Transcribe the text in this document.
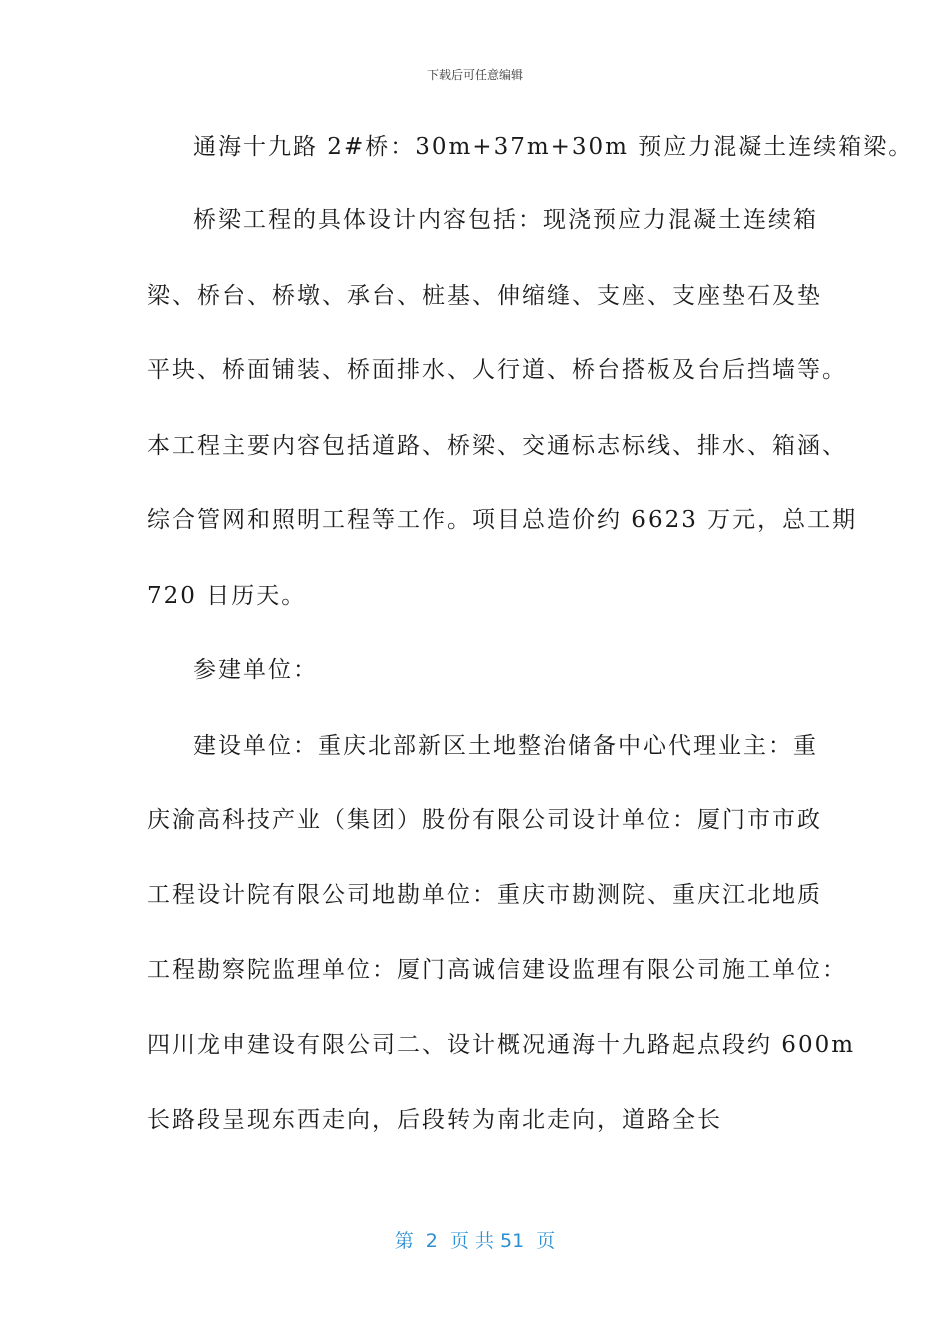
下载后可任意编辑
通海十九路 2#桥：30m+37m+30m 预应力混凝土连续箱梁。
桥梁工程的具体设计内容包括：现浇预应力混凝土连续箱
梁、桥台、桥墩、承台、桩基、伸缩缝、支座、支座垫石及垫
平块、桥面铺装、桥面排水、人行道、桥台搭板及台后挡墙等。
本工程主要内容包括道路、桥梁、交通标志标线、排水、箱涵、
综合管网和照明工程等工作。项目总造价约 6623 万元，总工期
720 日历天。
参建单位：
建设单位：重庆北部新区土地整治储备中心代理业主：重
庆渝高科技产业（集团）股份有限公司设计单位：厦门市市政
工程设计院有限公司地勘单位：重庆市勘测院、重庆江北地质
工程勘察院监理单位：厦门高诚信建设监理有限公司施工单位：
四川龙申建设有限公司二、设计概况通海十九路起点段约 600m
长路段呈现东西走向，后段转为南北走向，道路全长
第  2  页 共 51  页
